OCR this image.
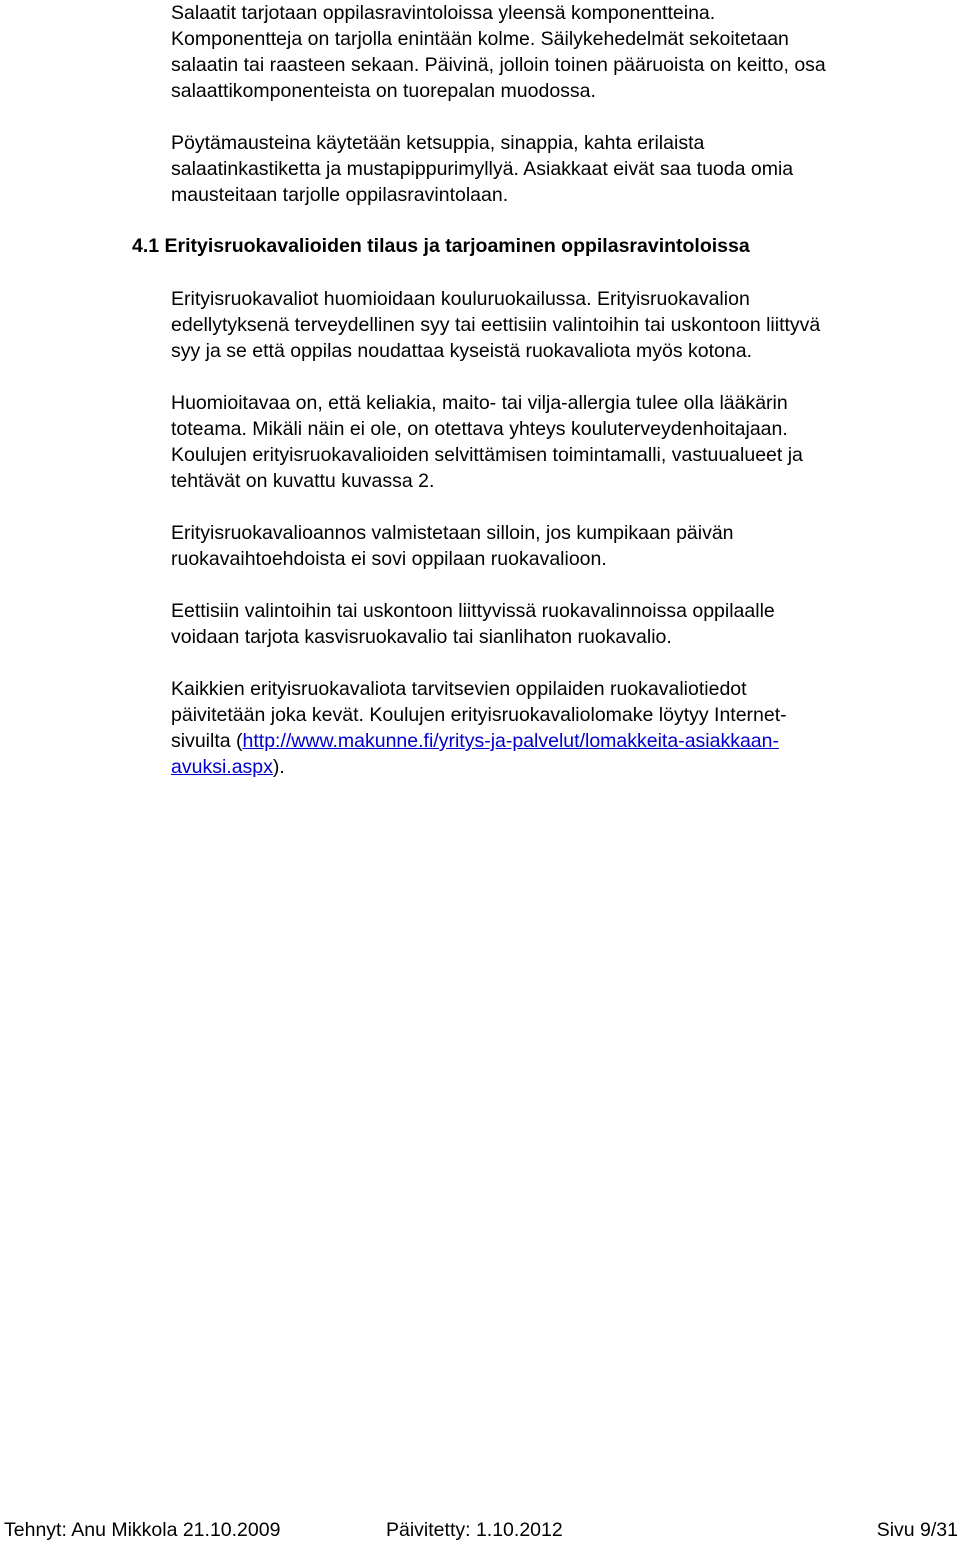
Salaatit tarjotaan oppilasravintoloissa yleensä komponentteina.
Komponentteja on tarjolla enintään kolme. Säilykehedelmät sekoitetaan
salaatin tai raasteen sekaan. Päivinä, jolloin toinen pääruoista on keitto, osa
salaattikomponenteista on tuorepalan muodossa.
Pöytämausteina käytetään ketsuppia, sinappia, kahta erilaista
salaatinkastiketta ja mustapippurimyllyä. Asiakkaat eivät saa tuoda omia
mausteitaan tarjolle oppilasravintolaan.
4.1 Erityisruokavalioiden tilaus ja tarjoaminen oppilasravintoloissa
Erityisruokavaliot huomioidaan kouluruokailussa. Erityisruokavalion
edellytyksenä terveydellinen syy tai eettisiin valintoihin tai uskontoon liittyvä
syy ja se että oppilas noudattaa kyseistä ruokavaliota myös kotona.
Huomioitavaa on, että keliakia, maito- tai vilja-allergia tulee olla lääkärin
toteama. Mikäli näin ei ole, on otettava yhteys kouluterveydenhoitajaan.
Koulujen erityisruokavalioiden selvittämisen toimintamalli, vastuualueet ja
tehtävät on kuvattu kuvassa 2.
Erityisruokavalioannos valmistetaan silloin, jos kumpikaan päivän
ruokavaihtoehdoista ei sovi oppilaan ruokavalioon.
Eettisiin valintoihin tai uskontoon liittyvissä ruokavalinnoissa oppilaalle
voidaan tarjota kasvisruokavalio tai sianlihaton ruokavalio.
Kaikkien erityisruokavaliota tarvitsevien oppilaiden ruokavaliotiedot
päivitetään joka kevät. Koulujen erityisruokavaliolomake löytyy Internet-
sivuilta (http://www.makunne.fi/yritys-ja-palvelut/lomakkeita-asiakkaan-
avuksi.aspx).
Tehnyt: Anu Mikkola 21.10.2009	Päivitetty: 1.10.2012	Sivu 9/31
